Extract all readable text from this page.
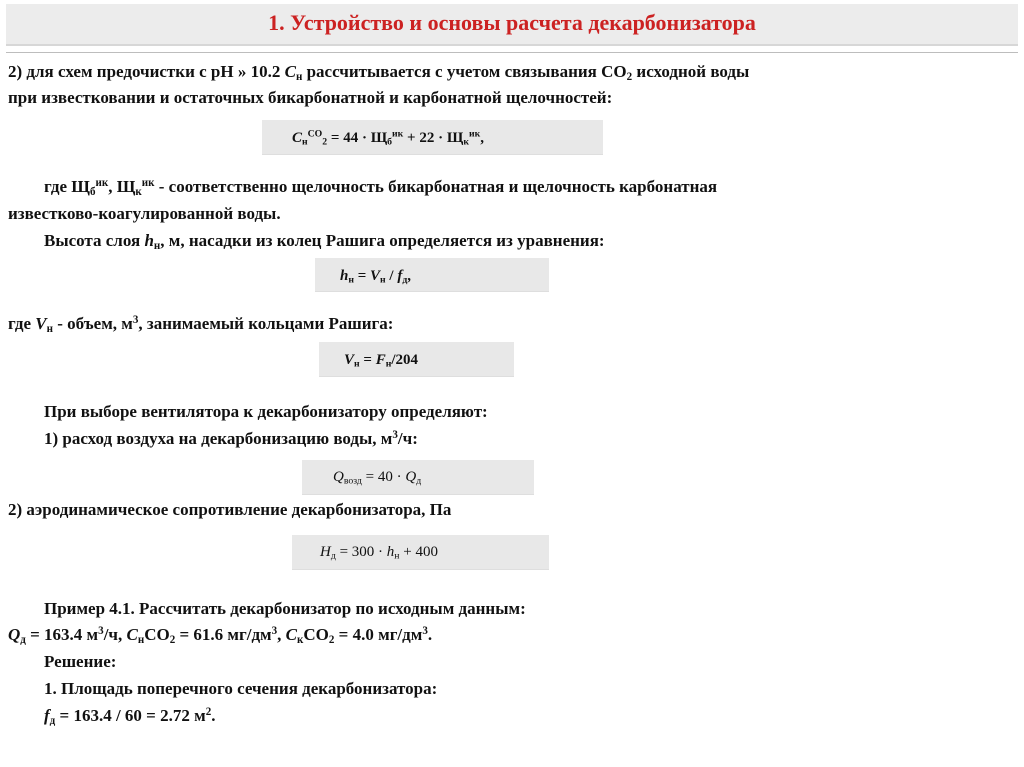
1. Устройство и основы расчета декарбонизатора
2) для схем предочистки с pH » 10.2 $С_н$ рассчитывается с учетом связывания $CO_2$ исходной воды
при известковании и остаточных бикарбонатной и карбонатной щелочностей:
$С_н^{CO}_2 = 44 \cdot Щ_б^{ик} + 22 \cdot Щ_к^{ик}$,
где $Щ_б^{ик}$, $Щ_к^{ик}$ - соответственно щелочность бикарбонатная и щелочность карбонатная
известково-коагулированной воды.
Высота слоя $h_н$, м, насадки из колец Рашига определяется из уравнения:
$h_н = V_н / f_д$,
где $V_н$ - объем, $м^3$, занимаемый кольцами Рашига:
$V_н = F_н/204$
При выборе вентилятора к декарбонизатору определяют:
1) расход воздуха на декарбонизацию воды, $м^3/ч$:
$Q_{возд} = 40 \cdot Q_д$
2) аэродинамическое сопротивление декарбонизатора, Па
$H_д = 300 \cdot h_н + 400$
Пример 4.1. Рассчитать декарбонизатор по исходным данным:
$Q_д = 163.4$ $м^3/ч$, $С_нCO_2 = 61.6$ $мг/дм^3$, $С_кCO_2 = 4.0$ $мг/дм^3$.
Решение:
1. Площадь поперечного сечения декарбонизатора:
$f_д = 163.4 / 60 = 2.72$ $м^2$.
